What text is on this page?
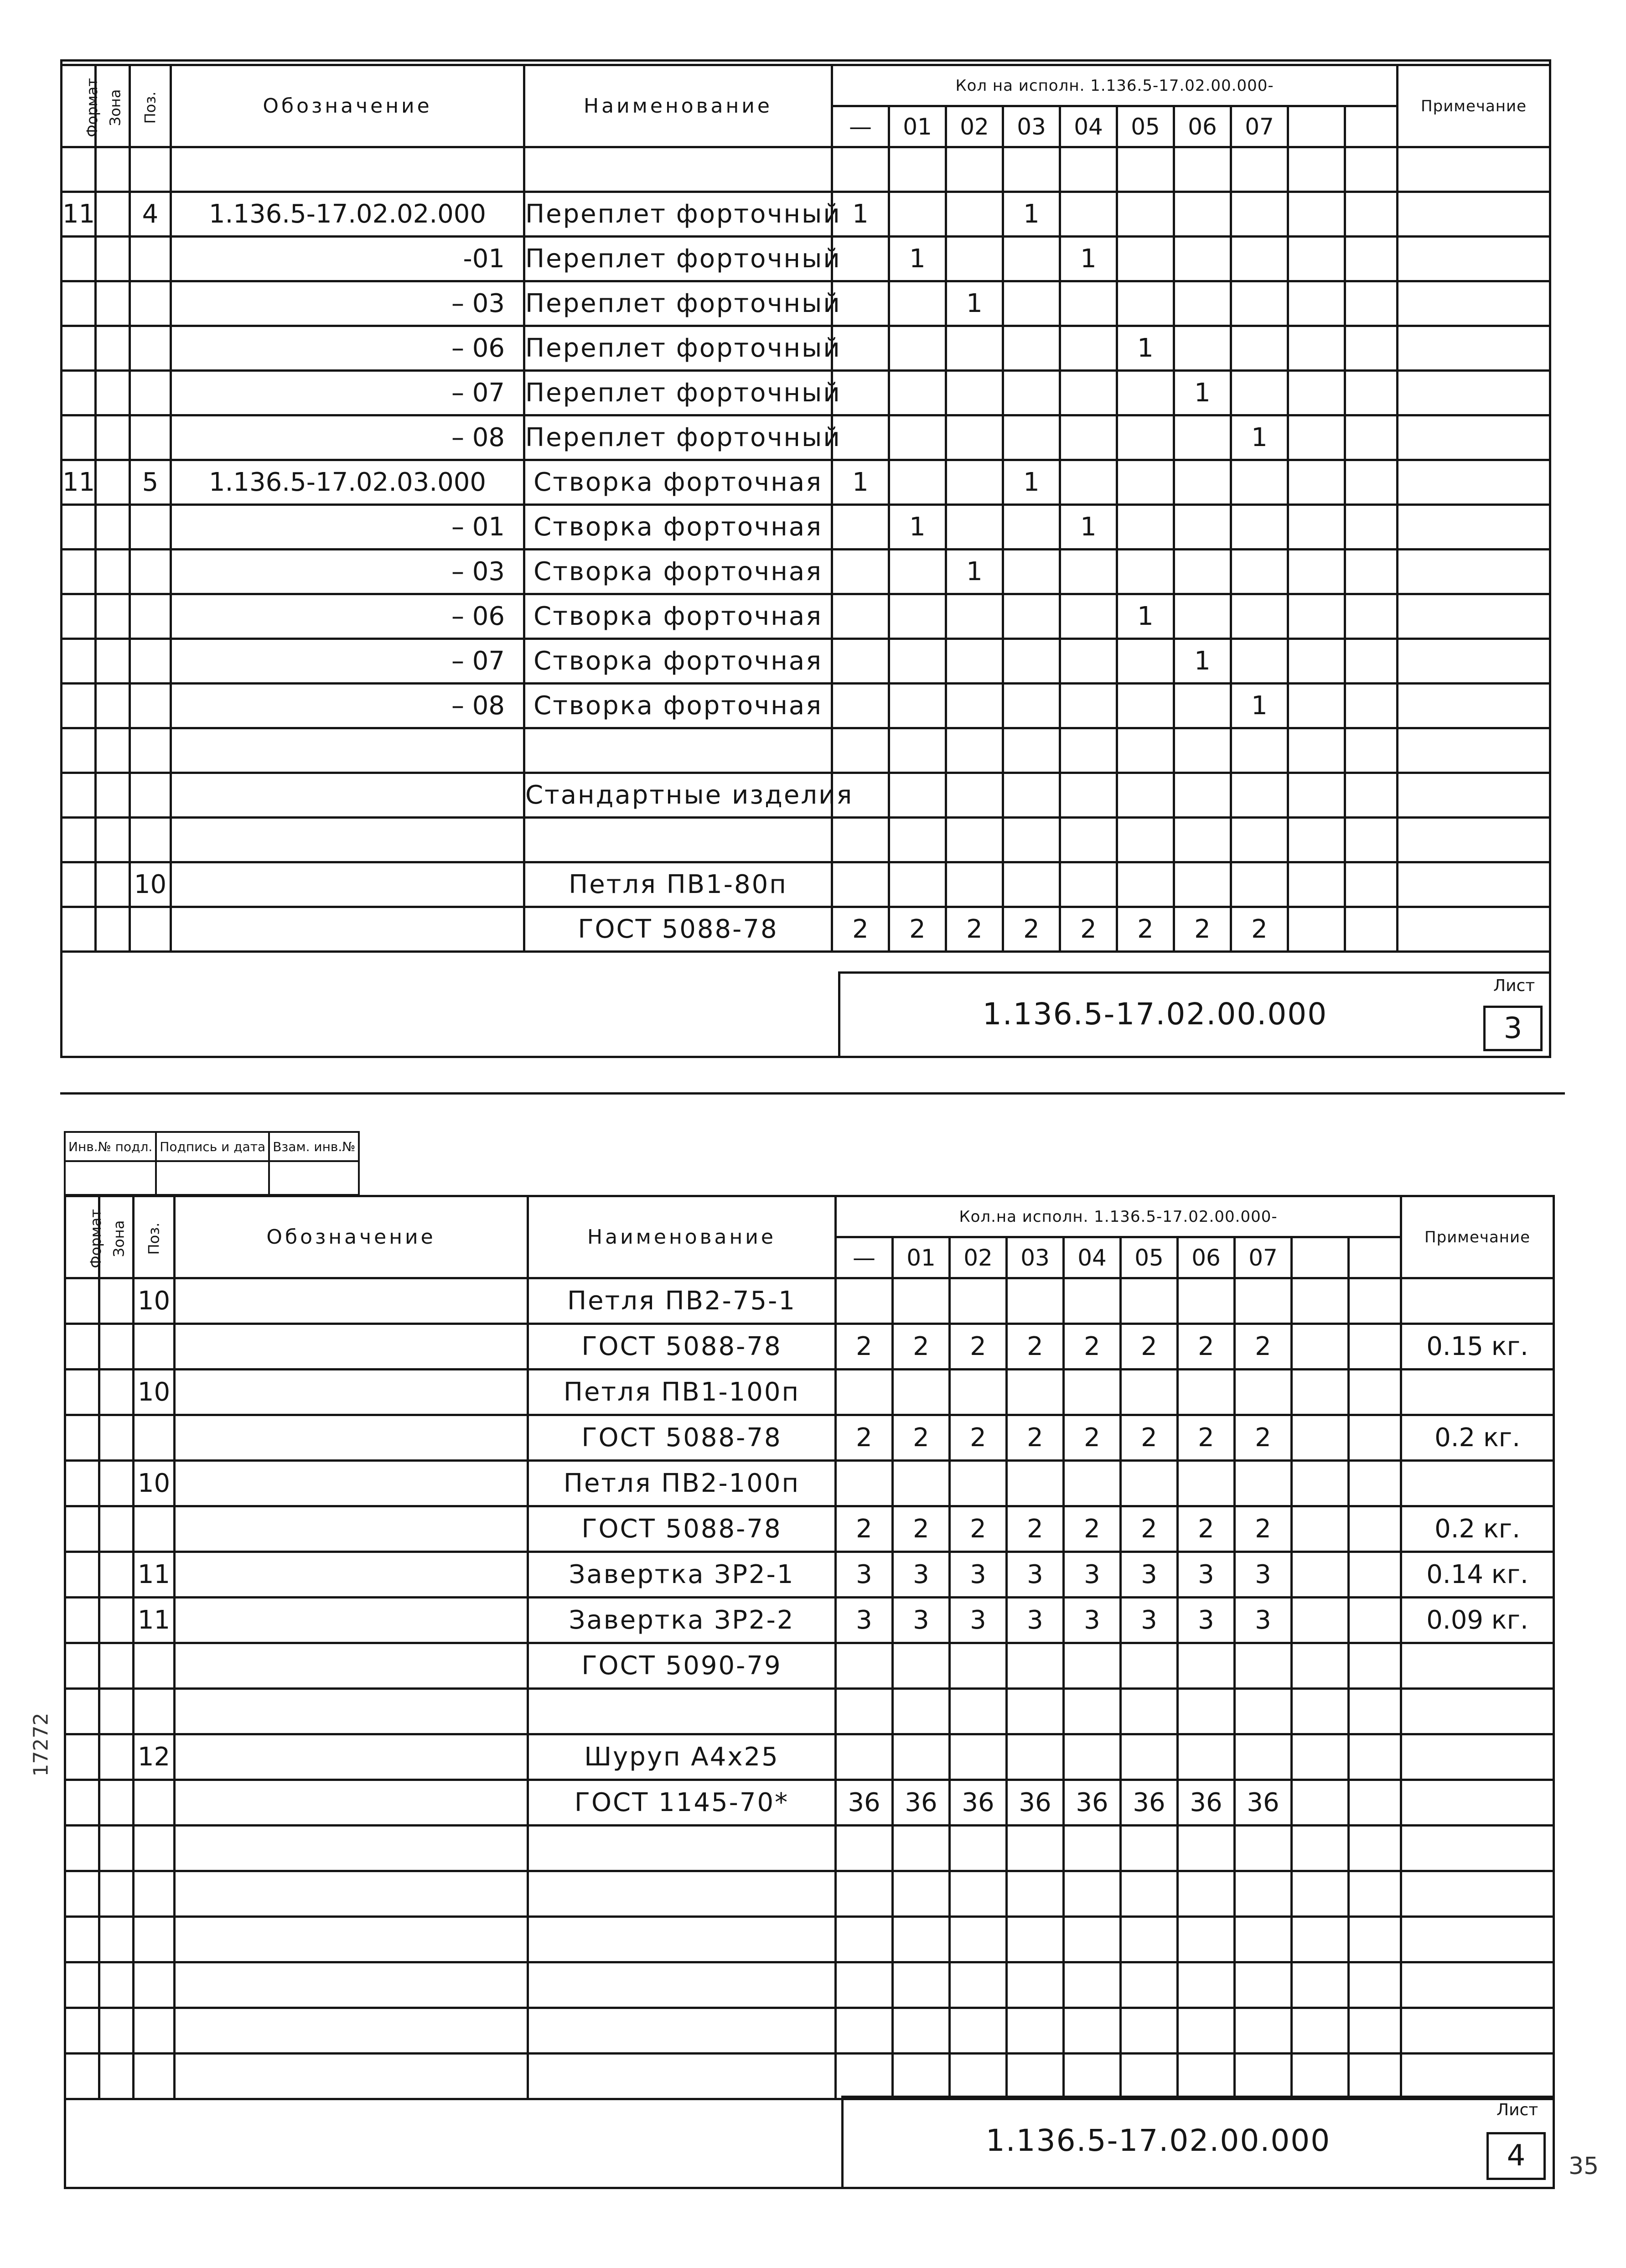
Формат	Зона	Поз.	Обозначение	Наименование	Кол на исполн. 1.136.5-17.02.00.000-										Примечание
					—	01	02	03	04	05	06	07			

11		4	1.136.5-17.02.02.000	Переплет форточный	1			1							
			-01	Переплет форточный		1			1						
			– 03	Переплет форточный			1								
			– 06	Переплет форточный						1					
			– 07	Переплет форточный							1				
			– 08	Переплет форточный								1			
11		5	1.136.5-17.02.03.000	Створка форточная	1			1							
			– 01	Створка форточная		1			1						
			– 03	Створка форточная			1								
			– 06	Створка форточная						1					
			– 07	Створка форточная							1				
			– 08	Створка форточная								1			

				Стандартные изделия											

		10		Петля ПВ1-80п											
				ГОСТ 5088-78	2	2	2	2	2	2	2	2			
1.136.5-17.02.00.000
Лист
3
Инв.№ подл.	Подпись и дата	Взам. инв.№

Формат	Зона	Поз.	Обозначение	Наименование	Кол.на исполн. 1.136.5-17.02.00.000-										Примечание
					—	01	02	03	04	05	06	07			
		10		Петля ПВ2-75-1											
				ГОСТ 5088-78	2	2	2	2	2	2	2	2			0.15 кг.
		10		Петля ПВ1-100п											
				ГОСТ 5088-78	2	2	2	2	2	2	2	2			0.2 кг.
		10		Петля ПВ2-100п											
				ГОСТ 5088-78	2	2	2	2	2	2	2	2			0.2 кг.
		11		Завертка ЗР2-1	3	3	3	3	3	3	3	3			0.14 кг.
		11		Завертка ЗР2-2	3	3	3	3	3	3	3	3			0.09 кг.
				ГОСТ 5090-79											

		12		Шуруп А4х25											
				ГОСТ 1145-70*	36	36	36	36	36	36	36	36			

1.136.5-17.02.00.000
Лист
4
17272
35
